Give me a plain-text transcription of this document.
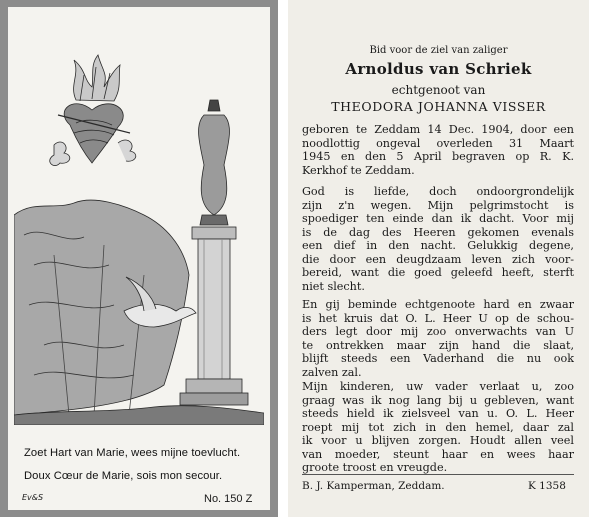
Zoet Hart van Marie, wees mijne toevlucht.
Doux Cœur de Marie, sois mon secour.
Ev&S	No. 150 Z
Bid voor de ziel van zaliger
Arnoldus van Schriek
echtgenoot van
THEODORA JOHANNA VISSER
geboren te Zeddam 14 Dec. 1904, door een
noodlottig ongeval overleden 31 Maart
1945 en den 5 April begraven op R. K.
Kerkhof te Zeddam.
God is liefde, doch ondoorgrondelijk
zijn z'n wegen. Mijn pelgrimstocht is
spoediger ten einde dan ik dacht. Voor mij
is de dag des Heeren gekomen evenals
een dief in den nacht. Gelukkig degene,
die door een deugdzaam leven zich voor-
bereid, want die goed geleefd heeft, sterft
niet slecht.
En gij beminde echtgenoote hard en zwaar
is het kruis dat O. L. Heer U op de schou-
ders legt door mij zoo onverwachts van U
te ontrekken maar zijn hand die slaat,
blijft steeds een Vaderhand die nu ook
zalven zal.
Mijn kinderen, uw vader verlaat u, zoo
graag was ik nog lang bij u gebleven, want
steeds hield ik zielsveel van u. O. L. Heer
roept mij tot zich in den hemel, daar zal
ik voor u blijven zorgen. Houdt allen veel
van moeder, steunt haar en wees haar
groote troost en vreugde.
B. J. Kamperman, Zeddam.	K 1358
